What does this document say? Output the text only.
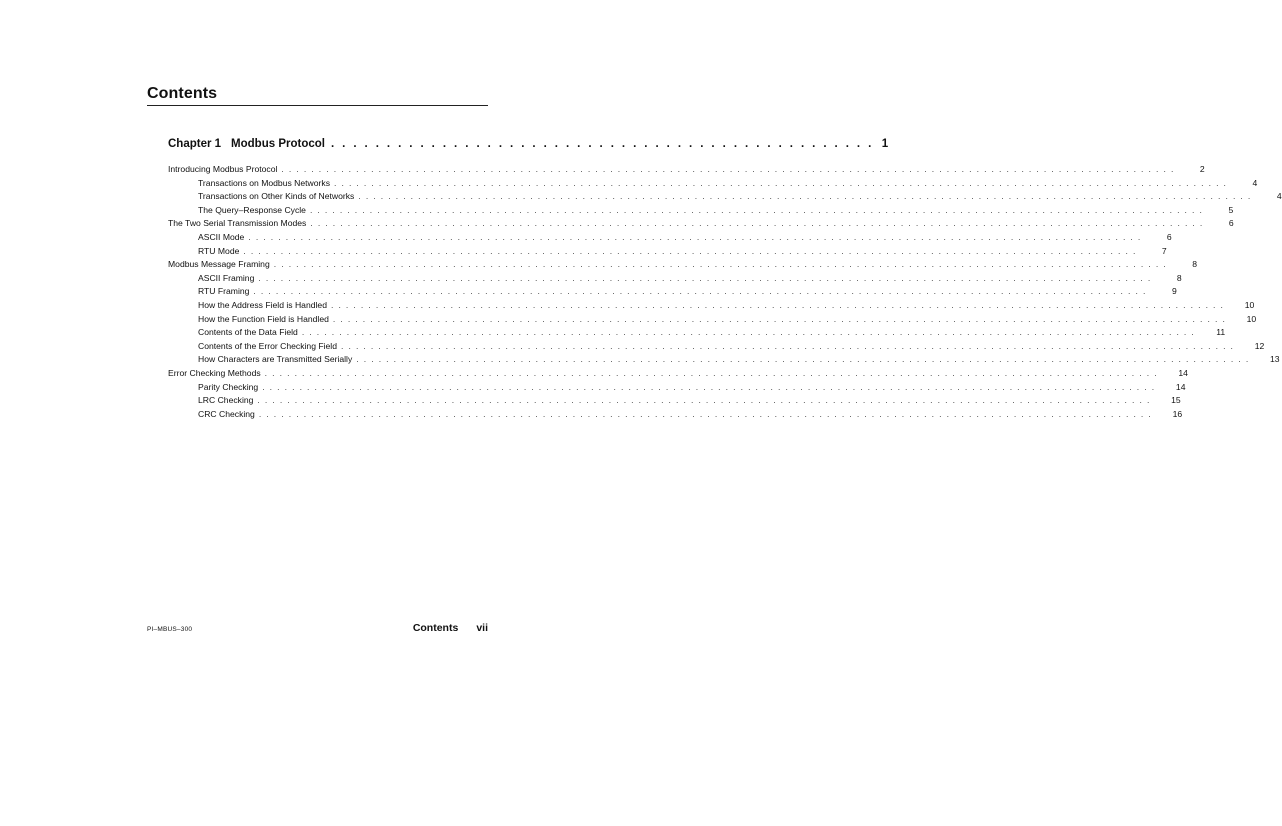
Contents
Chapter 1 Modbus Protocol . . . . . . . . . . . . . . . . . . . . . . . . . . . . . . . . . . . . . . . . . . . . . . . . . 1
Introducing Modbus Protocol . . . . . . . . . . . . . . . . . . . . . . . . . . . . . . . . . . . . . . . . . . . . . . . . . . . . . . . . . . . . . . . . . . . . . . . . . . . . . . . . . . . . . . . . . . . . . . . . . . . . . . . . . . . . . . . . . . . . . . . .	2
Transactions on Modbus Networks . . . . . . . . . . . . . . . . . . . . . . . . . . . . . . . . . . . . . . . . . . . . . . . . . . . . . . . . . . . . . . . . . . . . . . . . . . . . . . . . . . . . . . . . . . . . . . . . . . . . . . . . . . . . . . . . . . . . . . . .	4
Transactions on Other Kinds of Networks . . . . . . . . . . . . . . . . . . . . . . . . . . . . . . . . . . . . . . . . . . . . . . . . . . . . . . . . . . . . . . . . . . . . . . . . . . . . . . . . . . . . . . . . . . . . . . . . . . . . . . . . . . . . . . . . . . . . . . . .	4
The Query–Response Cycle . . . . . . . . . . . . . . . . . . . . . . . . . . . . . . . . . . . . . . . . . . . . . . . . . . . . . . . . . . . . . . . . . . . . . . . . . . . . . . . . . . . . . . . . . . . . . . . . . . . . . . . . . . . . . . . . . . . . . . . .	5
The Two Serial Transmission Modes . . . . . . . . . . . . . . . . . . . . . . . . . . . . . . . . . . . . . . . . . . . . . . . . . . . . . . . . . . . . . . . . . . . . . . . . . . . . . . . . . . . . . . . . . . . . . . . . . . . . . . . . . . . . . . . . . . . . . . . .	6
ASCII Mode . . . . . . . . . . . . . . . . . . . . . . . . . . . . . . . . . . . . . . . . . . . . . . . . . . . . . . . . . . . . . . . . . . . . . . . . . . . . . . . . . . . . . . . . . . . . . . . . . . . . . . . . . . . . . . . . . . . . . . . .	6
RTU Mode . . . . . . . . . . . . . . . . . . . . . . . . . . . . . . . . . . . . . . . . . . . . . . . . . . . . . . . . . . . . . . . . . . . . . . . . . . . . . . . . . . . . . . . . . . . . . . . . . . . . . . . . . . . . . . . . . . . . . . . .	7
Modbus Message Framing . . . . . . . . . . . . . . . . . . . . . . . . . . . . . . . . . . . . . . . . . . . . . . . . . . . . . . . . . . . . . . . . . . . . . . . . . . . . . . . . . . . . . . . . . . . . . . . . . . . . . . . . . . . . . . . . . . . . . . . .	8
ASCII Framing . . . . . . . . . . . . . . . . . . . . . . . . . . . . . . . . . . . . . . . . . . . . . . . . . . . . . . . . . . . . . . . . . . . . . . . . . . . . . . . . . . . . . . . . . . . . . . . . . . . . . . . . . . . . . . . . . . . . . . . .	8
RTU Framing . . . . . . . . . . . . . . . . . . . . . . . . . . . . . . . . . . . . . . . . . . . . . . . . . . . . . . . . . . . . . . . . . . . . . . . . . . . . . . . . . . . . . . . . . . . . . . . . . . . . . . . . . . . . . . . . . . . . . . . .	9
How the Address Field is Handled . . . . . . . . . . . . . . . . . . . . . . . . . . . . . . . . . . . . . . . . . . . . . . . . . . . . . . . . . . . . . . . . . . . . . . . . . . . . . . . . . . . . . . . . . . . . . . . . . . . . . . . . . . . . . . . . . . . . . . . .	10
How the Function Field is Handled . . . . . . . . . . . . . . . . . . . . . . . . . . . . . . . . . . . . . . . . . . . . . . . . . . . . . . . . . . . . . . . . . . . . . . . . . . . . . . . . . . . . . . . . . . . . . . . . . . . . . . . . . . . . . . . . . . . . . . . .	10
Contents of the Data Field . . . . . . . . . . . . . . . . . . . . . . . . . . . . . . . . . . . . . . . . . . . . . . . . . . . . . . . . . . . . . . . . . . . . . . . . . . . . . . . . . . . . . . . . . . . . . . . . . . . . . . . . . . . . . . . . . . . . . . . .	11
Contents of the Error Checking Field . . . . . . . . . . . . . . . . . . . . . . . . . . . . . . . . . . . . . . . . . . . . . . . . . . . . . . . . . . . . . . . . . . . . . . . . . . . . . . . . . . . . . . . . . . . . . . . . . . . . . . . . . . . . . . . . . . . . . . . .	12
How Characters are Transmitted Serially . . . . . . . . . . . . . . . . . . . . . . . . . . . . . . . . . . . . . . . . . . . . . . . . . . . . . . . . . . . . . . . . . . . . . . . . . . . . . . . . . . . . . . . . . . . . . . . . . . . . . . . . . . . . . . . . . . . . . . . .	13
Error Checking Methods . . . . . . . . . . . . . . . . . . . . . . . . . . . . . . . . . . . . . . . . . . . . . . . . . . . . . . . . . . . . . . . . . . . . . . . . . . . . . . . . . . . . . . . . . . . . . . . . . . . . . . . . . . . . . . . . . . . . . . . .	14
Parity Checking . . . . . . . . . . . . . . . . . . . . . . . . . . . . . . . . . . . . . . . . . . . . . . . . . . . . . . . . . . . . . . . . . . . . . . . . . . . . . . . . . . . . . . . . . . . . . . . . . . . . . . . . . . . . . . . . . . . . . . . .	14
LRC Checking . . . . . . . . . . . . . . . . . . . . . . . . . . . . . . . . . . . . . . . . . . . . . . . . . . . . . . . . . . . . . . . . . . . . . . . . . . . . . . . . . . . . . . . . . . . . . . . . . . . . . . . . . . . . . . . . . . . . . . . .	15
CRC Checking . . . . . . . . . . . . . . . . . . . . . . . . . . . . . . . . . . . . . . . . . . . . . . . . . . . . . . . . . . . . . . . . . . . . . . . . . . . . . . . . . . . . . . . . . . . . . . . . . . . . . . . . . . . . . . . . . . . . . . . .	16
PI–MBUS–300	Contents vii
